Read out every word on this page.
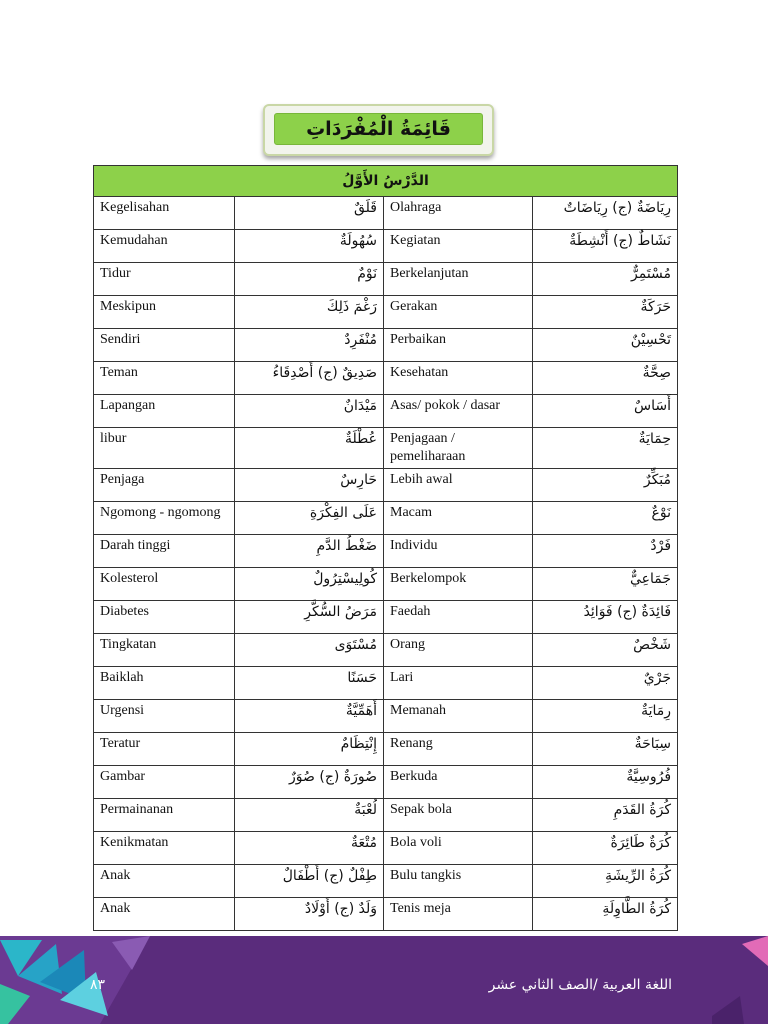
قَائِمَةُ الْمُفْرَدَاتِ
الدَّرْسُ الأَوَّلُ			
Kegelisahan	قَلَقٌ	Olahraga	رِيَاضَةٌ (ج) رِيَاضَاتٌ
Kemudahan	سُهُولَةٌ	Kegiatan	نَشَاطٌ (ج) أَنْشِطَةٌ
Tidur	نَوْمٌ	Berkelanjutan	مُسْتَمِرٌّ
Meskipun	رَغْمَ ذَلِكَ	Gerakan	حَرَكَةٌ
Sendiri	مُنْفَرِدٌ	Perbaikan	تَحْسِيْنٌ
Teman	صَدِيقٌ (ج) أَصْدِقَاءُ	Kesehatan	صِحَّةٌ
Lapangan	مَيْدَانٌ	Asas/ pokok / dasar	أَسَاسٌ
libur	عُطْلَةٌ	Penjagaan / pemeliharaan	حِمَايَةٌ
Penjaga	حَارِسٌ	Lebih awal	مُبَكِّرٌ
Ngomong - ngomong	عَلَى الفِكْرَةِ	Macam	نَوْعٌ
Darah tinggi	ضَغْطُ الدَّمِ	Individu	فَرْدٌ
Kolesterol	كُولِيسْتِرُولٌ	Berkelompok	جَمَاعِيٌّ
Diabetes	مَرَضُ السُّكَّرِ	Faedah	فَائِدَةٌ (ج) فَوَائِدُ
Tingkatan	مُسْتَوَى	Orang	شَخْصٌ
Baiklah	حَسَنًا	Lari	جَرْيٌ
Urgensi	أَهَمِّيَّةٌ	Memanah	رِمَايَةٌ
Teratur	إِنْتِظَامٌ	Renang	سِبَاحَةٌ
Gambar	صُورَةٌ (ج) صُوَرٌ	Berkuda	فُرُوسِيَّةٌ
Permainanan	لُعْبَةٌ	Sepak bola	كُرَةُ القَدَمِ
Kenikmatan	مُتْعَةٌ	Bola voli	كُرَةٌ طَائِرَةٌ
Anak	طِفْلٌ (ج) أَطْفَالٌ	Bulu tangkis	كُرَةُ الرِّيشَةِ
Anak	وَلَدٌ (ج) أَوْلَادٌ	Tenis meja	كُرَةُ الطَّاوِلَةِ
٨٣	اللغة العربية /الصف الثاني عشر
